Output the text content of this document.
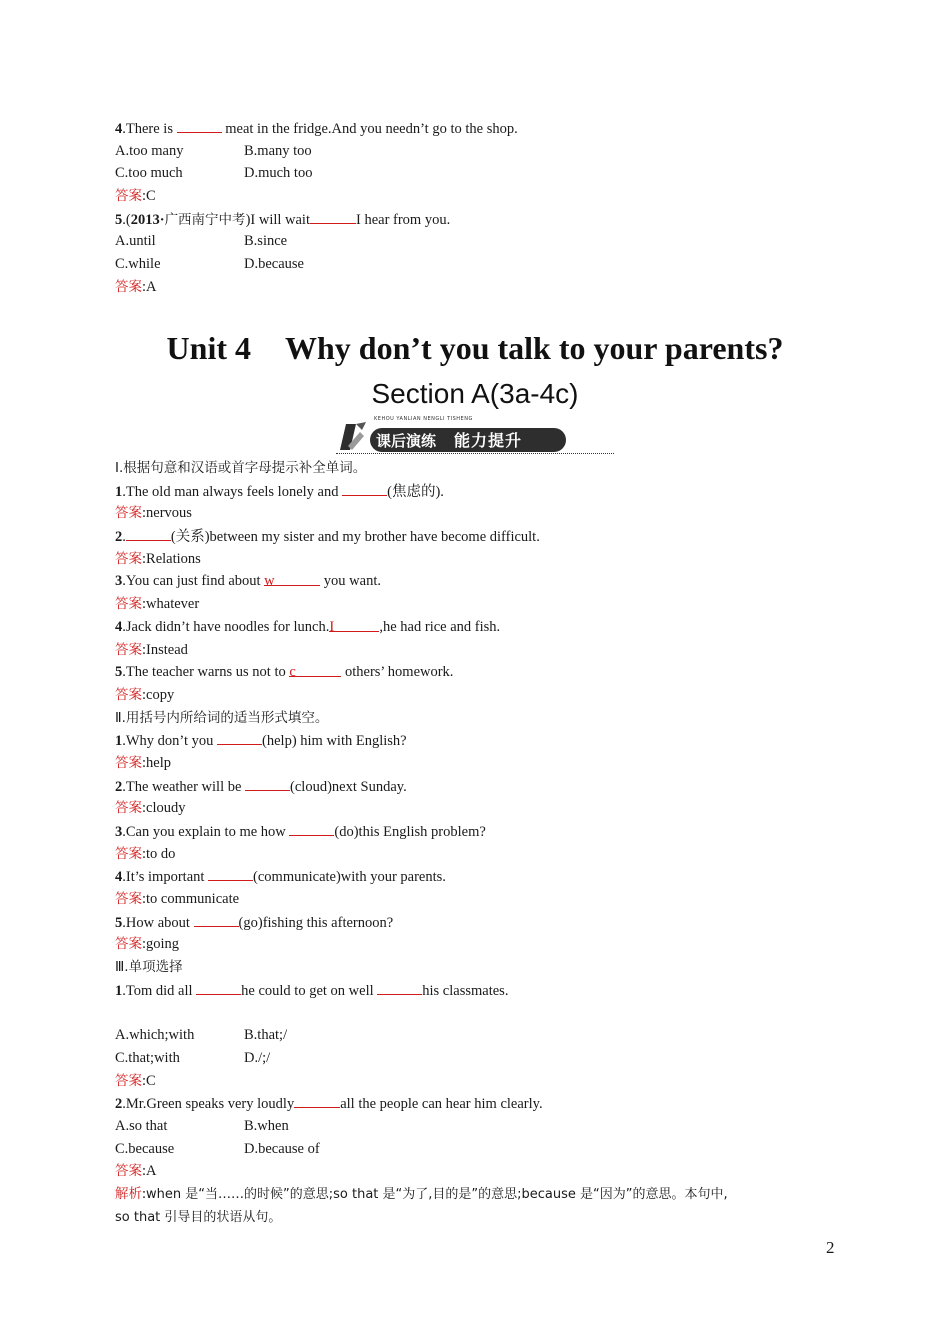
4.There is	meat in the fridge.And you needn’t go to the shop.
A.too many	B.many too
C.too much	D.much too
答案:C
5.(2013·广西南宁中考)I will wait	I hear from you.
A.until	B.since
C.while	D.because
答案:A
Unit 4 Why don’t you talk to your parents?
Section A(3a-4c)
KEHOU YANLIAN NENGLI TISHENG
课后演练 能力提升
Ⅰ.根据句意和汉语或首字母提示补全单词。
1.The old man always feels lonely and	(焦虑的).
答案:nervous
2.	(关系)between my sister and my brother have become difficult.
答案:Relations
3.You can just find about w	you want.
答案:whatever
4.Jack didn’t have noodles for lunch.I	,he had rice and fish.
答案:Instead
5.The teacher warns us not to c	others’ homework.
答案:copy
Ⅱ.用括号内所给词的适当形式填空。
1.Why don’t you	(help) him with English?
答案:help
2.The weather will be	(cloud)next Sunday.
答案:cloudy
3.Can you explain to me how	(do)this English problem?
答案:to do
4.It’s important	(communicate)with your parents.
答案:to communicate
5.How about	(go)fishing this afternoon?
答案:going
Ⅲ.单项选择
1.Tom did all	he could to get on well	his classmates.
A.which;with	B.that;/
C.that;with	D./;/
答案:C
2.Mr.Green speaks very loudly	all the people can hear him clearly.
A.so that	B.when
C.because	D.because of
答案:A
解析:when 是“当……的时候”的意思;so that 是“为了,目的是”的意思;because 是“因为”的意思。本句中,
so that 引导目的状语从句。
2
